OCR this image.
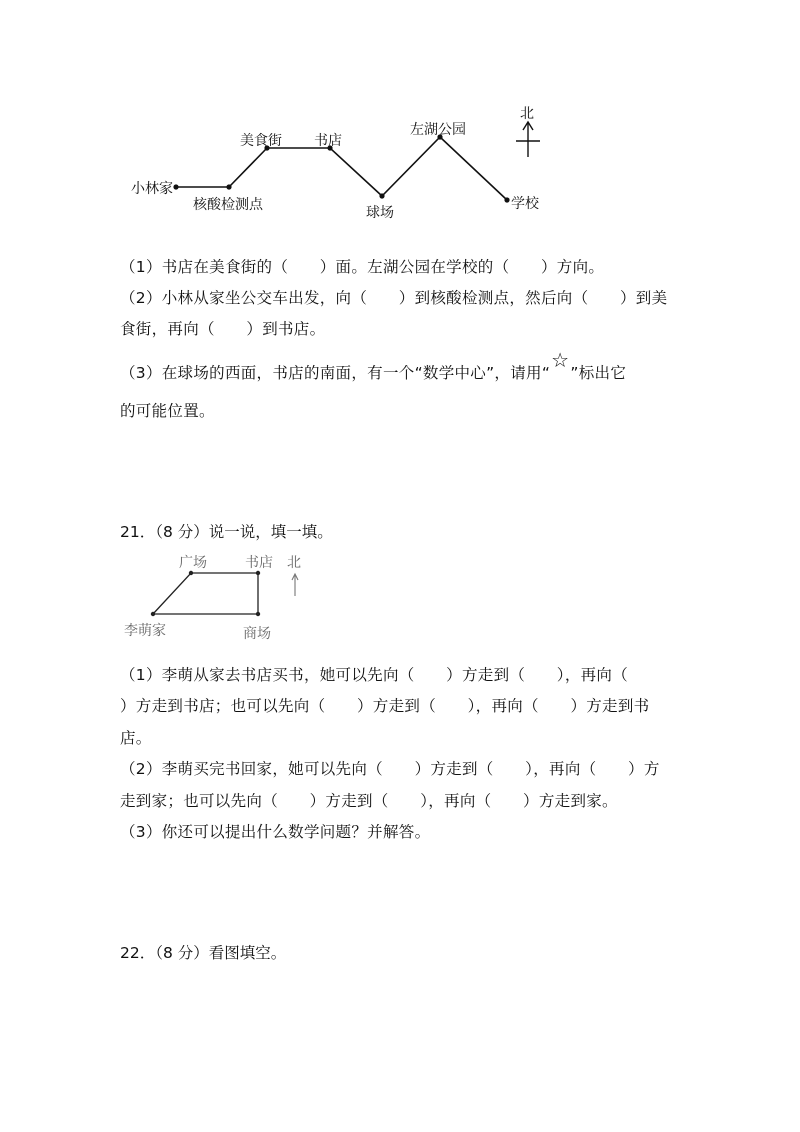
小林家
核酸检测点
美食街 书店
球场
左湖公园
学校
北
（1）书店在美食街的（　　）面。左湖公园在学校的（　　）方向。
（2）小林从家坐公交车出发，向（　　）到核酸检测点，然后向（　　）到美
食街，再向（　　）到书店。
（3）在球场的西面，书店的南面，有一个“数学中心”，请用“☆”标出它
的可能位置。
21．（8 分）说一说，填一填。
广场	书店 北
李萌家	商场
（1）李萌从家去书店买书，她可以先向（　　）方走到（　　），再向（
）方走到书店；也可以先向（　　）方走到（　　），再向（　　）方走到书
店。
（2）李萌买完书回家，她可以先向（　　）方走到（　　），再向（　　）方
走到家；也可以先向（　　）方走到（　　），再向（　　）方走到家。
（3）你还可以提出什么数学问题？并解答。
22．（8 分）看图填空。
